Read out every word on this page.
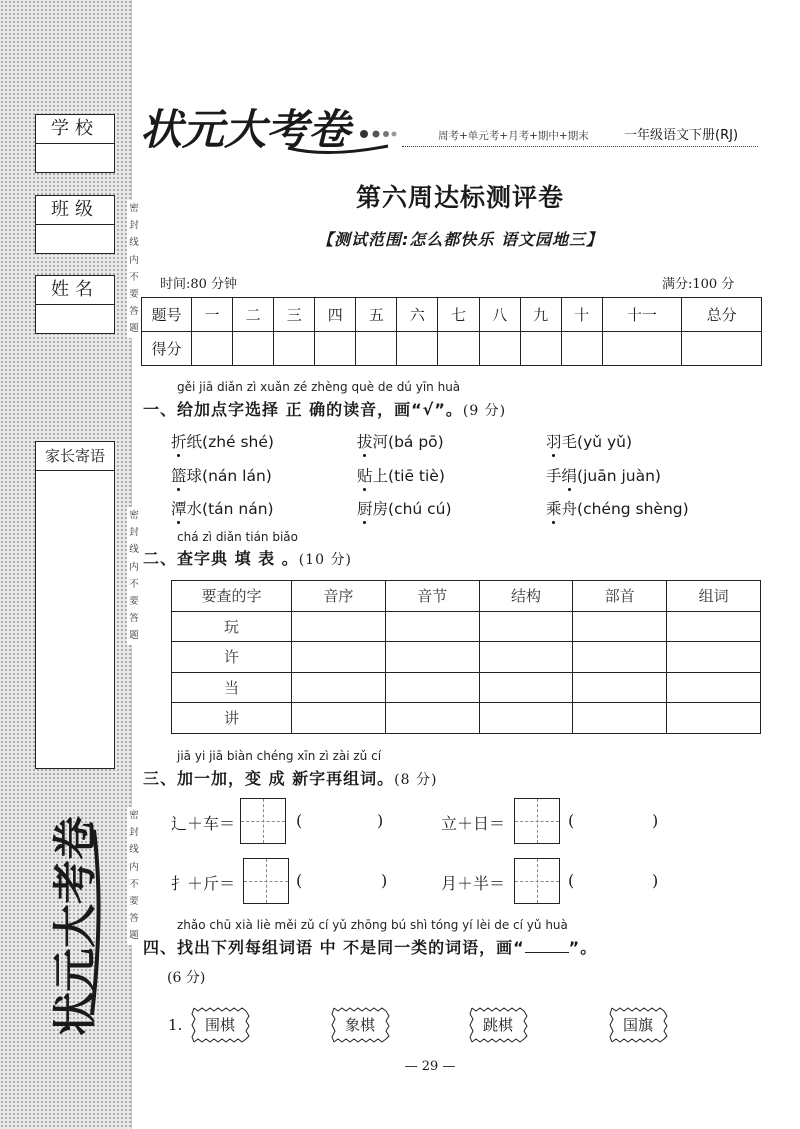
学校
班级
姓名
家长寄语
密
封
线
内
不
要
答
题
密
封
线
内
不
要
答
题
密
封
线
内
不
要
答
题
状元大考卷
状元大考卷	周考+单元考+月考+期中+期末	一年级语文下册(RJ)
第六周达标测评卷
【测试范围:怎么都快乐 语文园地三】
时间:80 分钟	满分:100 分
题号	一	二	三	四	五	六	七	八	九	十	十一	总分
得分												
gěi jiā diǎn zì xuǎn zé zhèng què de dú yīn huà
一、给加点字选择 正 确的读音，画“√”。(9 分)
折纸(zhé shé)	拔河(bá pō)	羽毛(yǔ yǔ)
篮球(nán lán)	贴上(tiē tiè)	手绢(juān juàn)
潭水(tán nán)	厨房(chú cú)	乘舟(chéng shèng)
chá zì diǎn tián biǎo
二、查字典 填 表 。(10 分)
要查的字	音序	音节	结构	部首	组词
玩					
许					
当					
讲					
jiā yi jiā biàn chéng xīn zì zài zǔ cí
三、加一加，变 成 新字再组词。(8 分)
辶＋车＝	(	)	立＋日＝	(	)
扌＋斤＝	(	)	月＋半＝	(	)
zhǎo chū xià liè měi zǔ cí yǔ zhōng bú shì tóng yí lèi de cí yǔ huà
四、找出下列每组词语 中 不是同一类的词语，画“	”。
(6 分)
1.	围棋	象棋	跳棋	国旗
— 29 —
